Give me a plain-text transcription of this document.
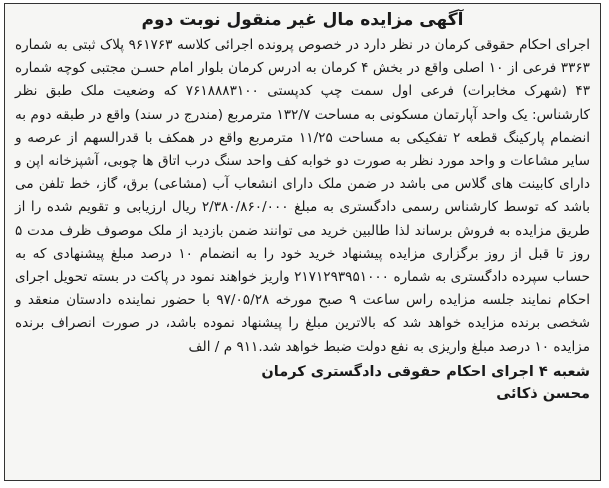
آگهی مزایده مال غیر منقول نوبت دوم

اجرای احکام حقوقی کرمان در نظر دارد در خصوص پرونده اجرائی کلاسه ۹۶۱۷۶۳ پلاک ثبتی به شماره ۳۳۶۳ فرعی از ۱۰ اصلی واقع در بخش ۴ کرمان به ادرس کرمان بلوار امام حسـن مجتبی کوچه شماره ۴۳ (شهرک مخابرات) فرعی اول سمت چپ کدپستی ۷۶۱۸۸۸۳۱۰۰ که وضعیت ملک طبق نظر کارشناس: یک واحد آپارتمان مسکونی به مساحت ۱۳۲/۷ مترمربع (مندرج در سند) واقع در طبقه دوم به انضمام پارکینگ قطعه ۲ تفکیکی به مساحت ۱۱/۲۵ مترمربع واقع در همکف با قدرالسهم از عرصه و سایر مشاعات و واحد مورد نظر به صورت دو خوابه کف واحد سنگ درب اتاق ها چوبی، آشپزخانه اپن و دارای کابینت های گلاس می باشد در ضمن ملک دارای انشعاب آب (مشاعی) برق، گاز، خط تلفن می باشد که توسط کارشناس رسمی دادگستری به مبلغ ۲/۳۸۰/۸۶۰/۰۰۰ ریال ارزیابی و تقویم شده را از طریق مزایده به فروش برساند لذا طالبین خرید می توانند ضمن بازدید از ملک موصوف ظرف مدت ۵ روز تا قبل از روز برگزاری مزایده پیشنهاد خرید خود را به انضمام ۱۰ درصد مبلغ پیشنهادی که به حساب سپرده دادگستری به شماره ۲۱۷۱۲۹۳۹۵۱۰۰۰ واریز خواهند نمود در پاکت در بسته تحویل اجرای احکام نمایند جلسه مزایده راس ساعت ۹ صبح مورخه ۹۷/۰۵/۲۸ با حضور نماینده دادستان منعقد و شخصی برنده مزایده خواهد شد که بالاترین مبلغ را پیشنهاد نموده باشد، در صورت انصراف برنده مزایده ۱۰ درصد مبلغ واریزی به نفع دولت ضبط خواهد شد.۹۱۱ م / الف

شعبه ۴ اجرای احکام حقوقی دادگستری کرمان
محسن ذکائی
